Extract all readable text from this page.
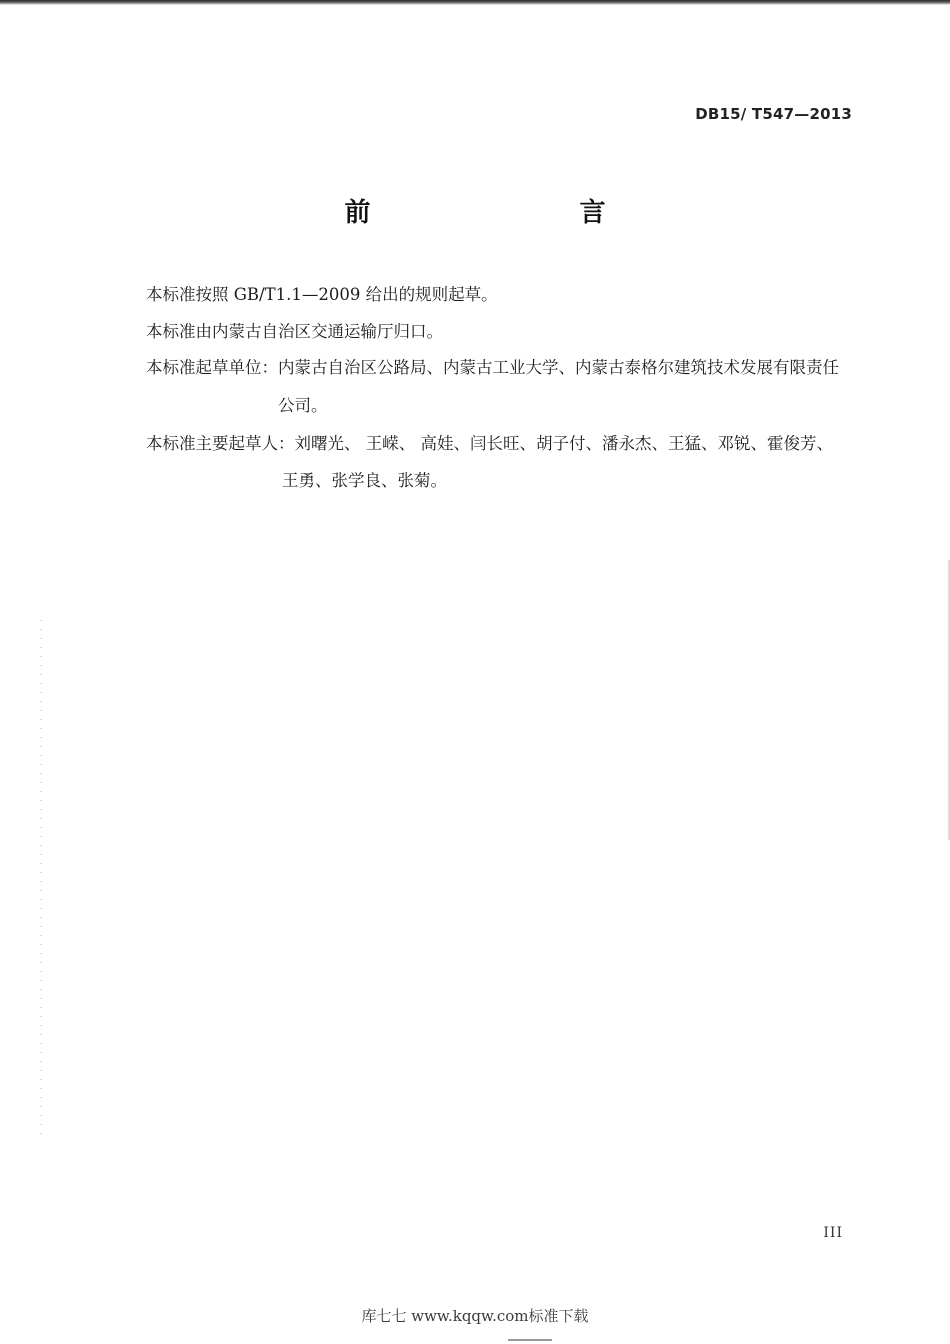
DB15/ T547—2013
前 言
本标准按照 GB/T1.1—2009 给出的规则起草。
本标准由内蒙古自治区交通运输厅归口。
本标准起草单位：内蒙古自治区公路局、内蒙古工业大学、内蒙古泰格尔建筑技术发展有限责任
公司。
本标准主要起草人：刘曙光、 王嵘、 高娃、闫长旺、胡子付、潘永杰、王猛、邓锐、霍俊芳、
王勇、张学良、张菊。
III
库七七 www.kqqw.com标准下载
